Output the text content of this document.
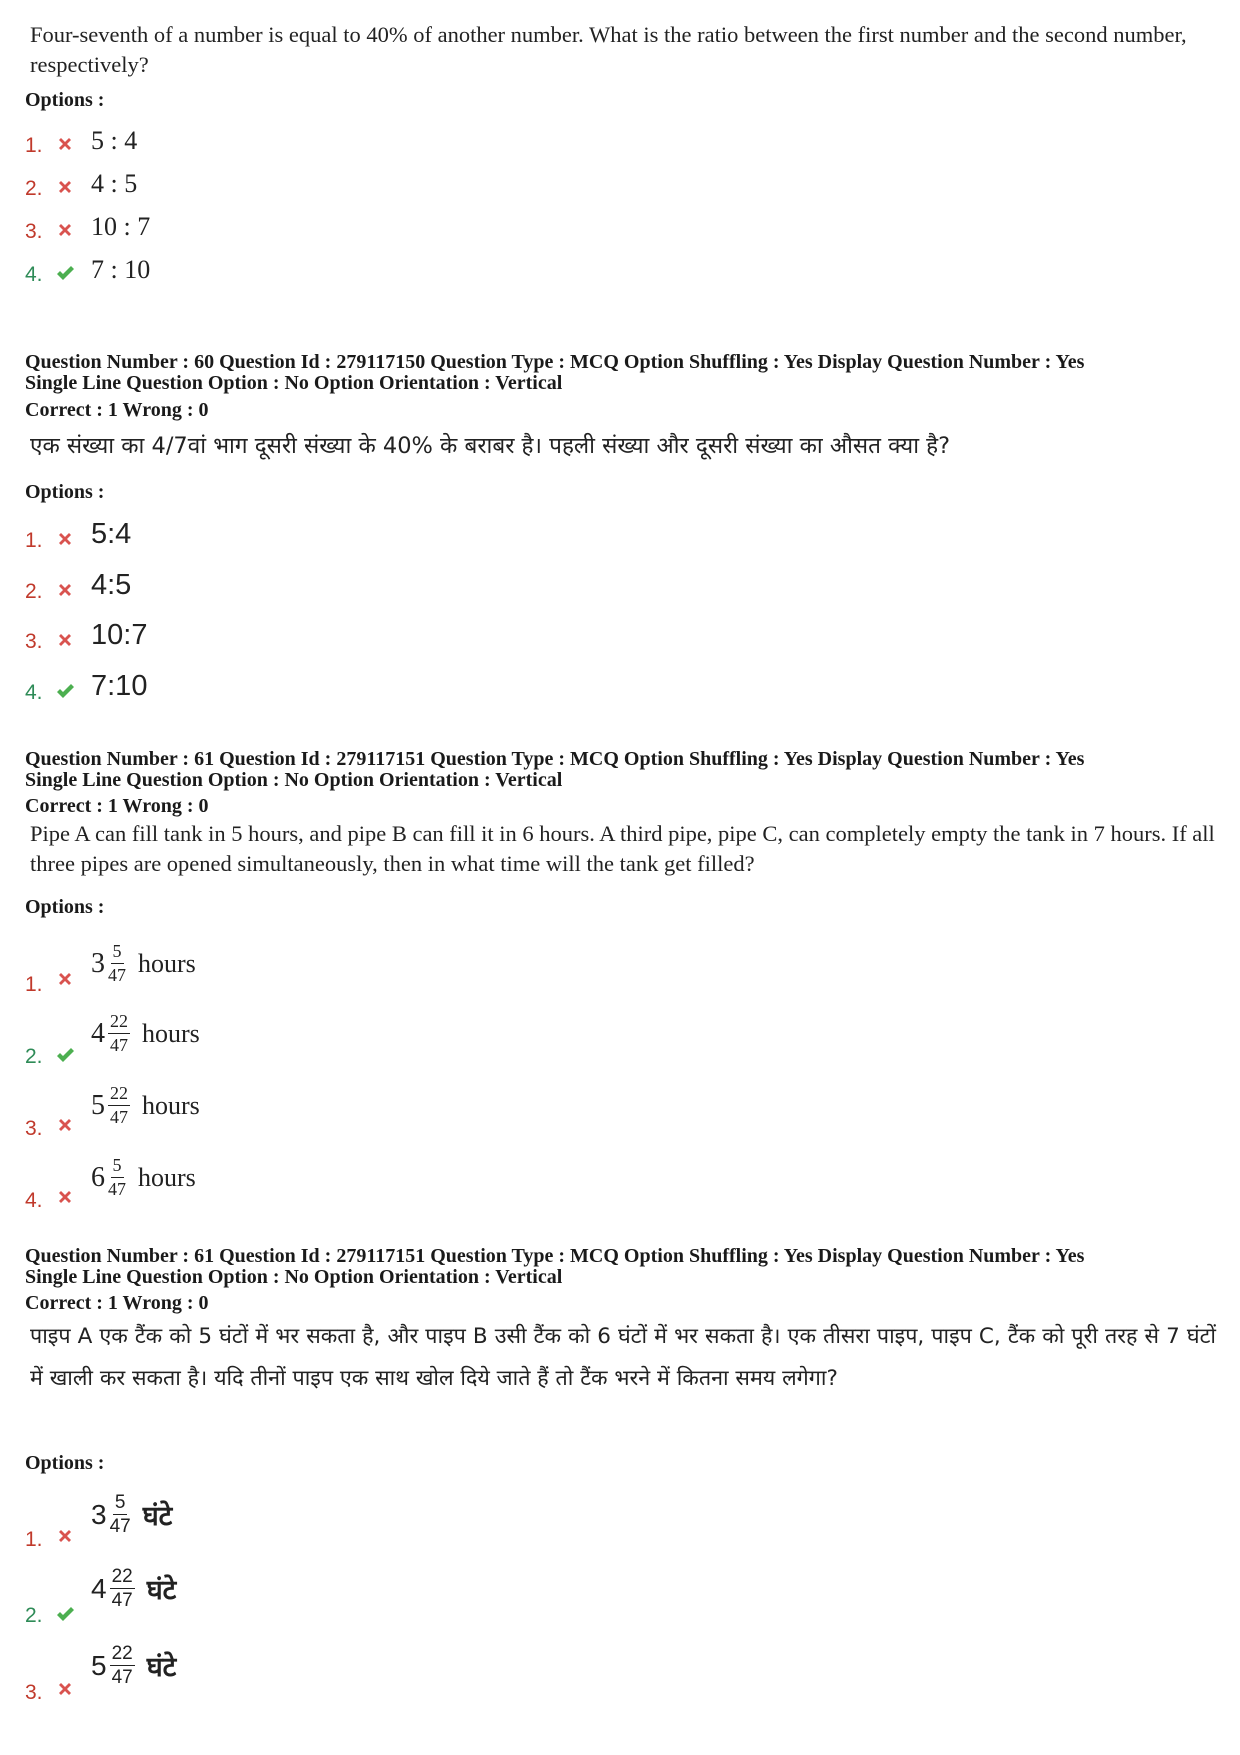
Four-seventh of a number is equal to 40% of another number. What is the ratio between the first number and the second number, respectively?
Options :
1. 5 : 4
2. 4 : 5
3. 10 : 7
4. 7 : 10
Question Number : 60 Question Id : 279117150 Question Type : MCQ Option Shuffling : Yes Display Question Number : Yes
Single Line Question Option : No Option Orientation : Vertical
Correct : 1 Wrong : 0
एक संख्या का 4/7वां भाग दूसरी संख्या के 40% के बराबर है। पहली संख्या और दूसरी संख्या का औसत क्या है?
Options :
1. 5:4
2. 4:5
3. 10:7
4. 7:10
Question Number : 61 Question Id : 279117151 Question Type : MCQ Option Shuffling : Yes Display Question Number : Yes
Single Line Question Option : No Option Orientation : Vertical
Correct : 1 Wrong : 0
Pipe A can fill tank in 5 hours, and pipe B can fill it in 6 hours. A third pipe, pipe C, can completely empty the tank in 7 hours. If all three pipes are opened simultaneously, then in what time will the tank get filled?
Options :
1.
$3 \frac{5}{47}$ hours
2.
$4 \frac{22}{47}$ hours
3.
$5 \frac{22}{47}$ hours
4.
$6 \frac{5}{47}$ hours
Question Number : 61 Question Id : 279117151 Question Type : MCQ Option Shuffling : Yes Display Question Number : Yes
Single Line Question Option : No Option Orientation : Vertical
Correct : 1 Wrong : 0
पाइप A एक टैंक को 5 घंटों में भर सकता है, और पाइप B उसी टैंक को 6 घंटों में भर सकता है। एक तीसरा पाइप, पाइप C, टैंक को पूरी तरह से 7 घंटों में खाली कर सकता है। यदि तीनों पाइप एक साथ खोल दिये जाते हैं तो टैंक भरने में कितना समय लगेगा?
Options :
1.
$3 \frac{5}{47}$ घंटे
2.
$4 \frac{22}{47}$ घंटे
3.
$5 \frac{22}{47}$ घंटे
